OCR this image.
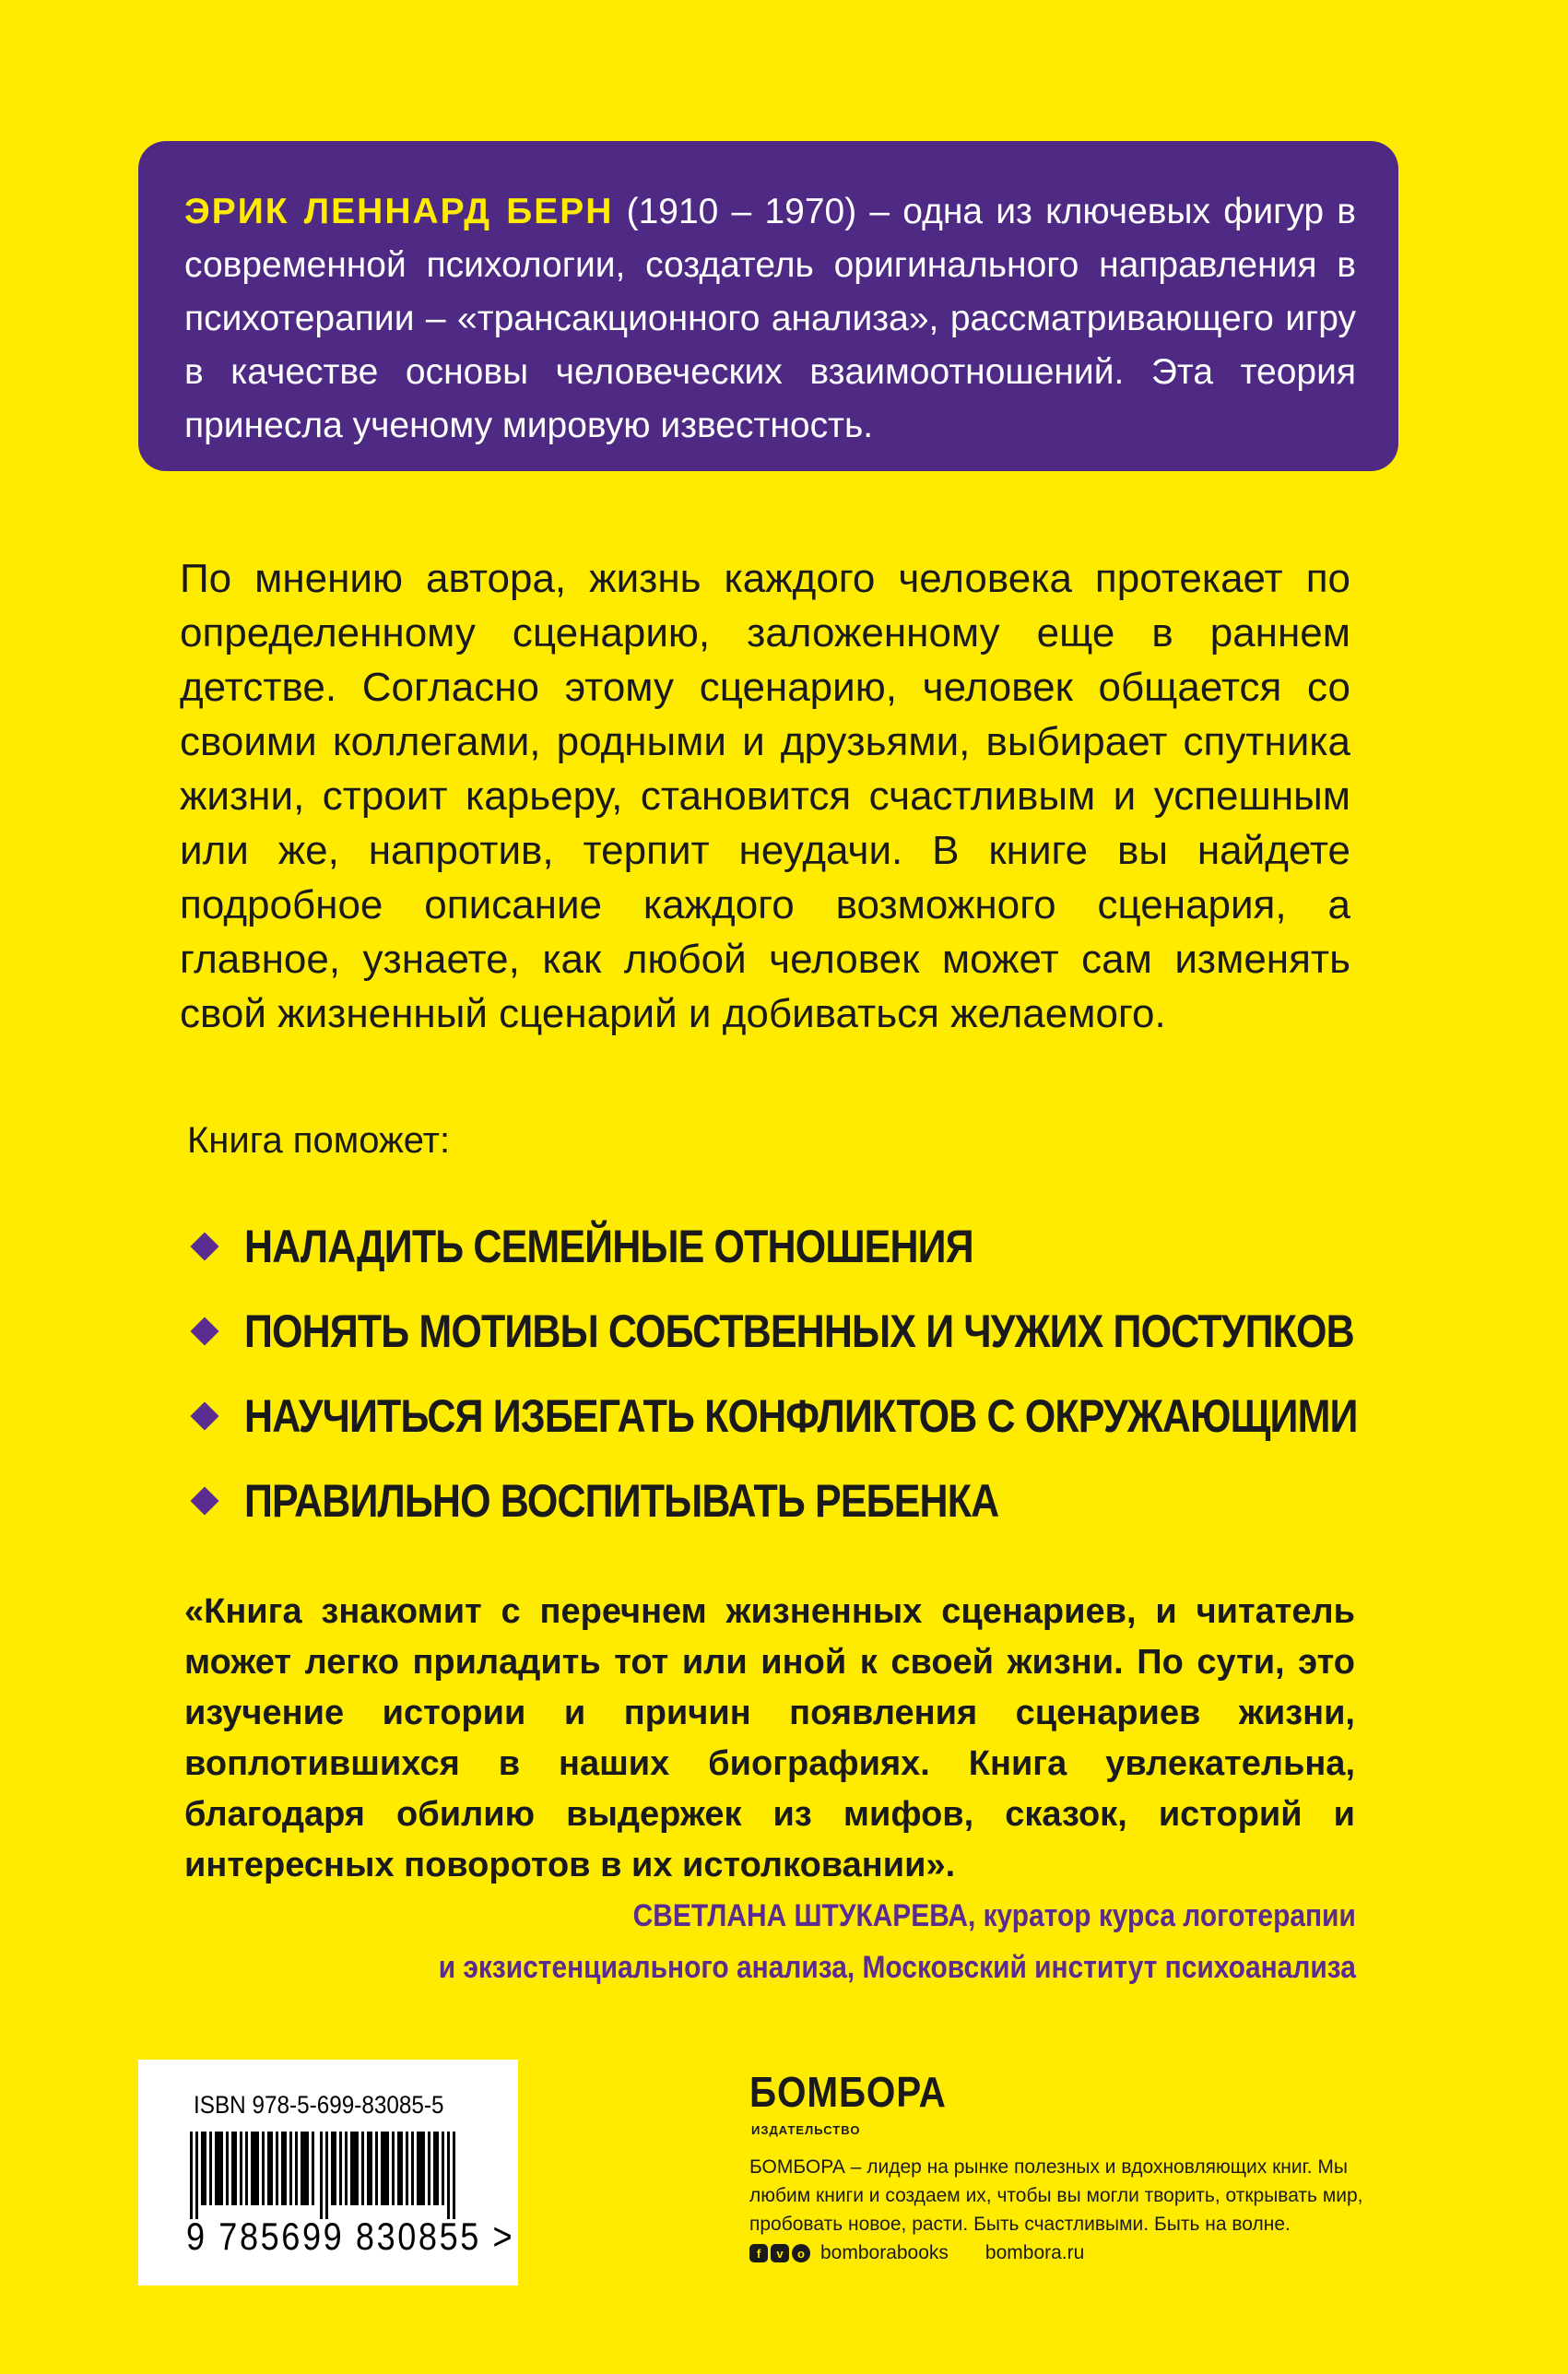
ЭРИК ЛЕННАРД БЕРН (1910 – 1970) – одна из ключевых фигур в современной психологии, создатель оригинального направления в психотерапии – «трансакционного анализа», рассматривающего игру в качестве основы человеческих взаимоотношений. Эта теория принесла ученому мировую известность.

По мнению автора, жизнь каждого человека протекает по определенному сценарию, заложенному еще в раннем детстве. Согласно этому сценарию, человек общается со своими коллегами, родными и друзьями, выбирает спутника жизни, строит карьеру, становится счастливым и успешным или же, напротив, терпит неудачи. В книге вы найдете подробное описание каждого возможного сценария, а главное, узнаете, как любой человек может сам изменять свой жизненный сценарий и добиваться желаемого.

Книга поможет:

НАЛАДИТЬ СЕМЕЙНЫЕ ОТНОШЕНИЯ
ПОНЯТЬ МОТИВЫ СОБСТВЕННЫХ И ЧУЖИХ ПОСТУПКОВ
НАУЧИТЬСЯ ИЗБЕГАТЬ КОНФЛИКТОВ С ОКРУЖАЮЩИМИ
ПРАВИЛЬНО ВОСПИТЫВАТЬ РЕБЕНКА

«Книга знакомит с перечнем жизненных сценариев, и читатель может легко приладить тот или иной к своей жизни. По сути, это изучение истории и причин появления сценариев жизни, воплотившихся в наших биографиях. Книга увлекательна, благодаря обилию выдержек из мифов, сказок, историй и интересных поворотов в их истолковании».

СВЕТЛАНА ШТУКАРЕВА, куратор курса логотерапии
и экзистенциального анализа, Московский институт психоанализа
ISBN 978-5-699-83085-5
9 785699 830855 >
БОМБОРА
ИЗДАТЕЛЬСТВО
БОМБОРА – лидер на рынке полезных и вдохновляющих книг. Мы любим книги и создаем их, чтобы вы могли творить, открывать мир, пробовать новое, расти. Быть счастливыми. Быть на волне.
f	v	o bomborabooks bombora.ru
